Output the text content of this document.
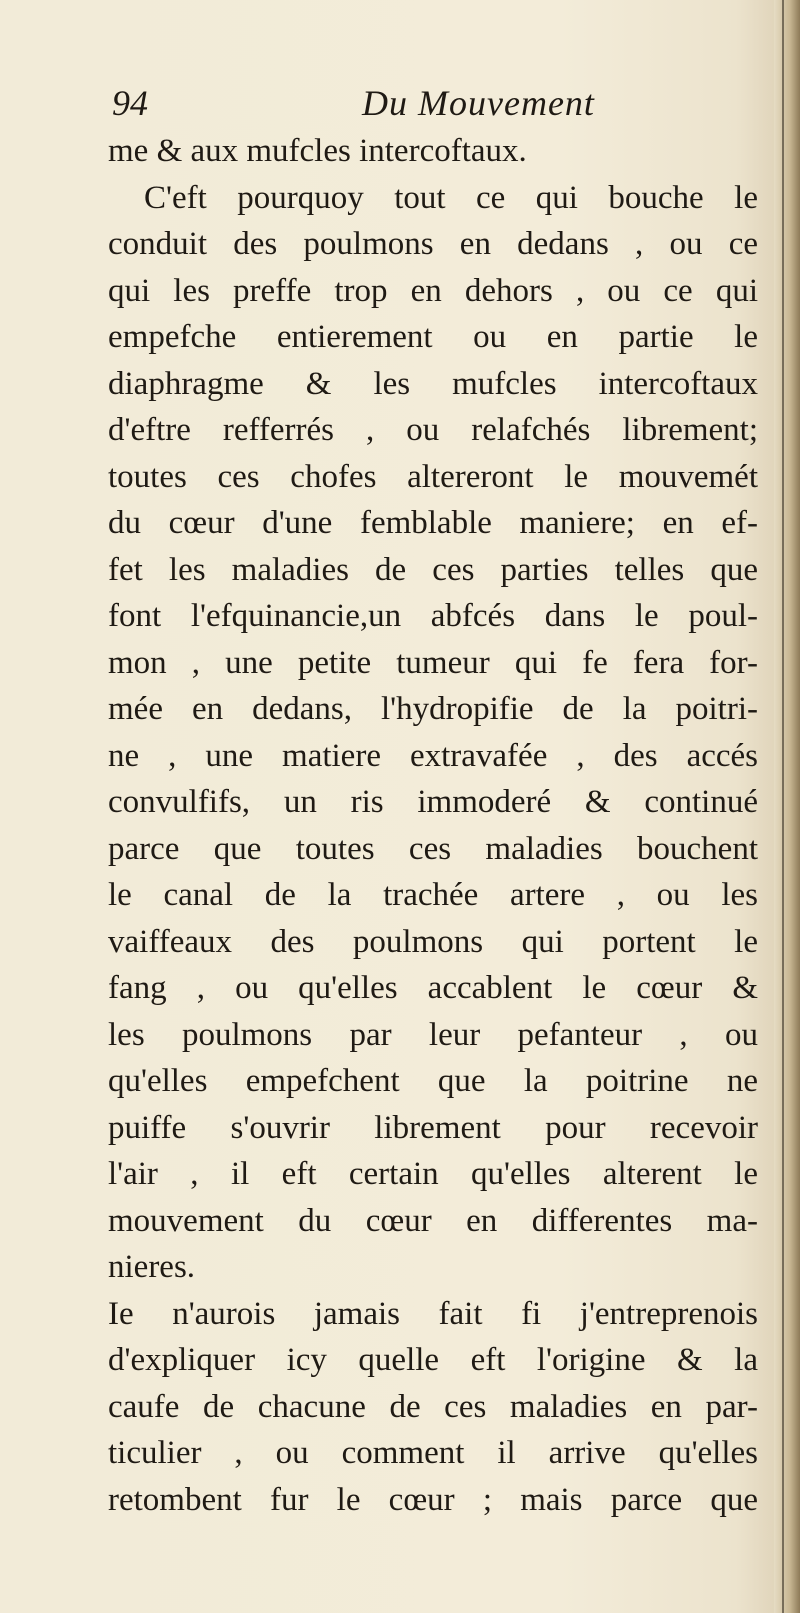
94	Du Mouvement
me & aux mufcles intercoftaux.
C'eft pourquoy tout ce qui bouche le
conduit des poulmons en dedans , ou ce
qui les preffe trop en dehors , ou ce qui
empefche entierement ou en partie le
diaphragme & les mufcles intercoftaux
d'eftre refferrés , ou relafchés librement;
toutes ces chofes altereront le mouvemét
du cœur d'une femblable maniere; en ef-
fet les maladies de ces parties telles que
font l'efquinancie,un abfcés dans le poul-
mon , une petite tumeur qui fe fera for-
mée en dedans, l'hydropifie de la poitri-
ne , une matiere extravafée , des accés
convulfifs, un ris immoderé & continué
parce que toutes ces maladies bouchent
le canal de la trachée artere , ou les
vaiffeaux des poulmons qui portent le
fang , ou qu'elles accablent le cœur &
les poulmons par leur pefanteur , ou
qu'elles empefchent que la poitrine ne
puiffe s'ouvrir librement pour recevoir
l'air , il eft certain qu'elles alterent le
mouvement du cœur en differentes ma-
nieres.
Ie n'aurois jamais fait fi j'entreprenois
d'expliquer icy quelle eft l'origine & la
caufe de chacune de ces maladies en par-
ticulier , ou comment il arrive qu'elles
retombent fur le cœur ; mais parce que
